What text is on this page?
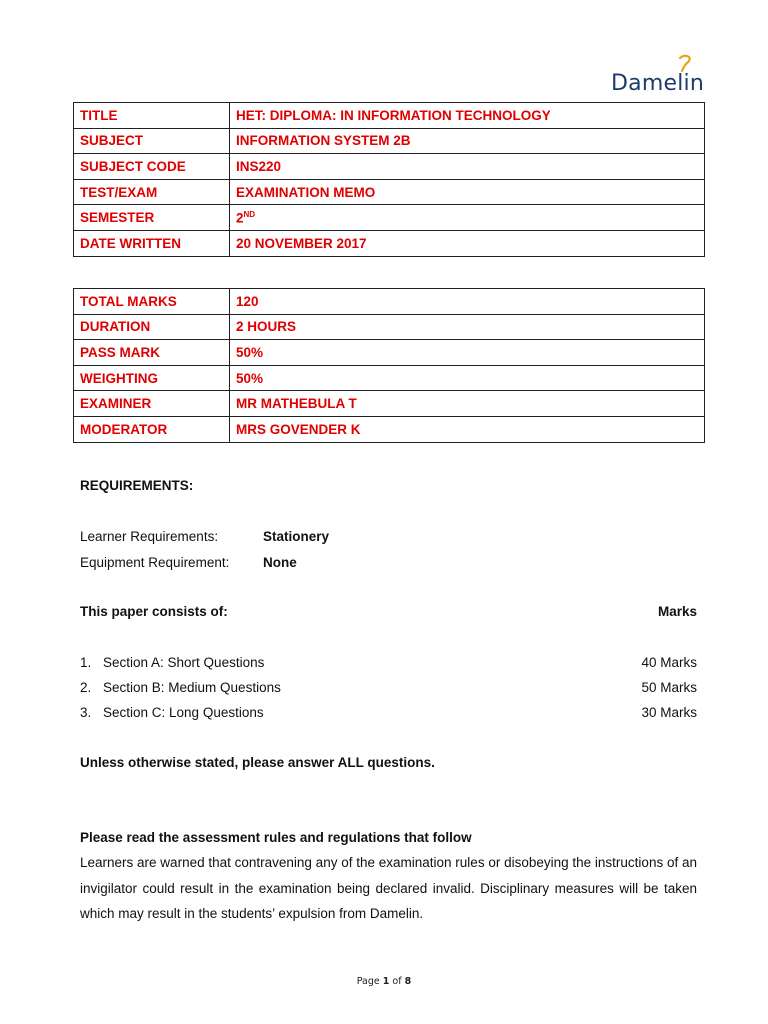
Damelin
TITLE	HET: DIPLOMA: IN INFORMATION TECHNOLOGY
SUBJECT	INFORMATION SYSTEM 2B
SUBJECT CODE	INS220
TEST/EXAM	EXAMINATION MEMO
SEMESTER	2ND
DATE WRITTEN	20 NOVEMBER 2017
TOTAL MARKS	120
DURATION	2 HOURS
PASS MARK	50%
WEIGHTING	50%
EXAMINER	MR MATHEBULA T
MODERATOR	MRS GOVENDER K
REQUIREMENTS:
Learner Requirements:	Stationery
Equipment Requirement: None
This paper consists of:	Marks
1. Section A: Short Questions	40 Marks
2. Section B: Medium Questions	50 Marks
3. Section C: Long Questions	30 Marks
Unless otherwise stated, please answer ALL questions.
Please read the assessment rules and regulations that follow
Learners are warned that contravening any of the examination rules or disobeying the instructions of an invigilator could result in the examination being declared invalid. Disciplinary measures will be taken which may result in the students’ expulsion from Damelin.
Page 1 of 8
